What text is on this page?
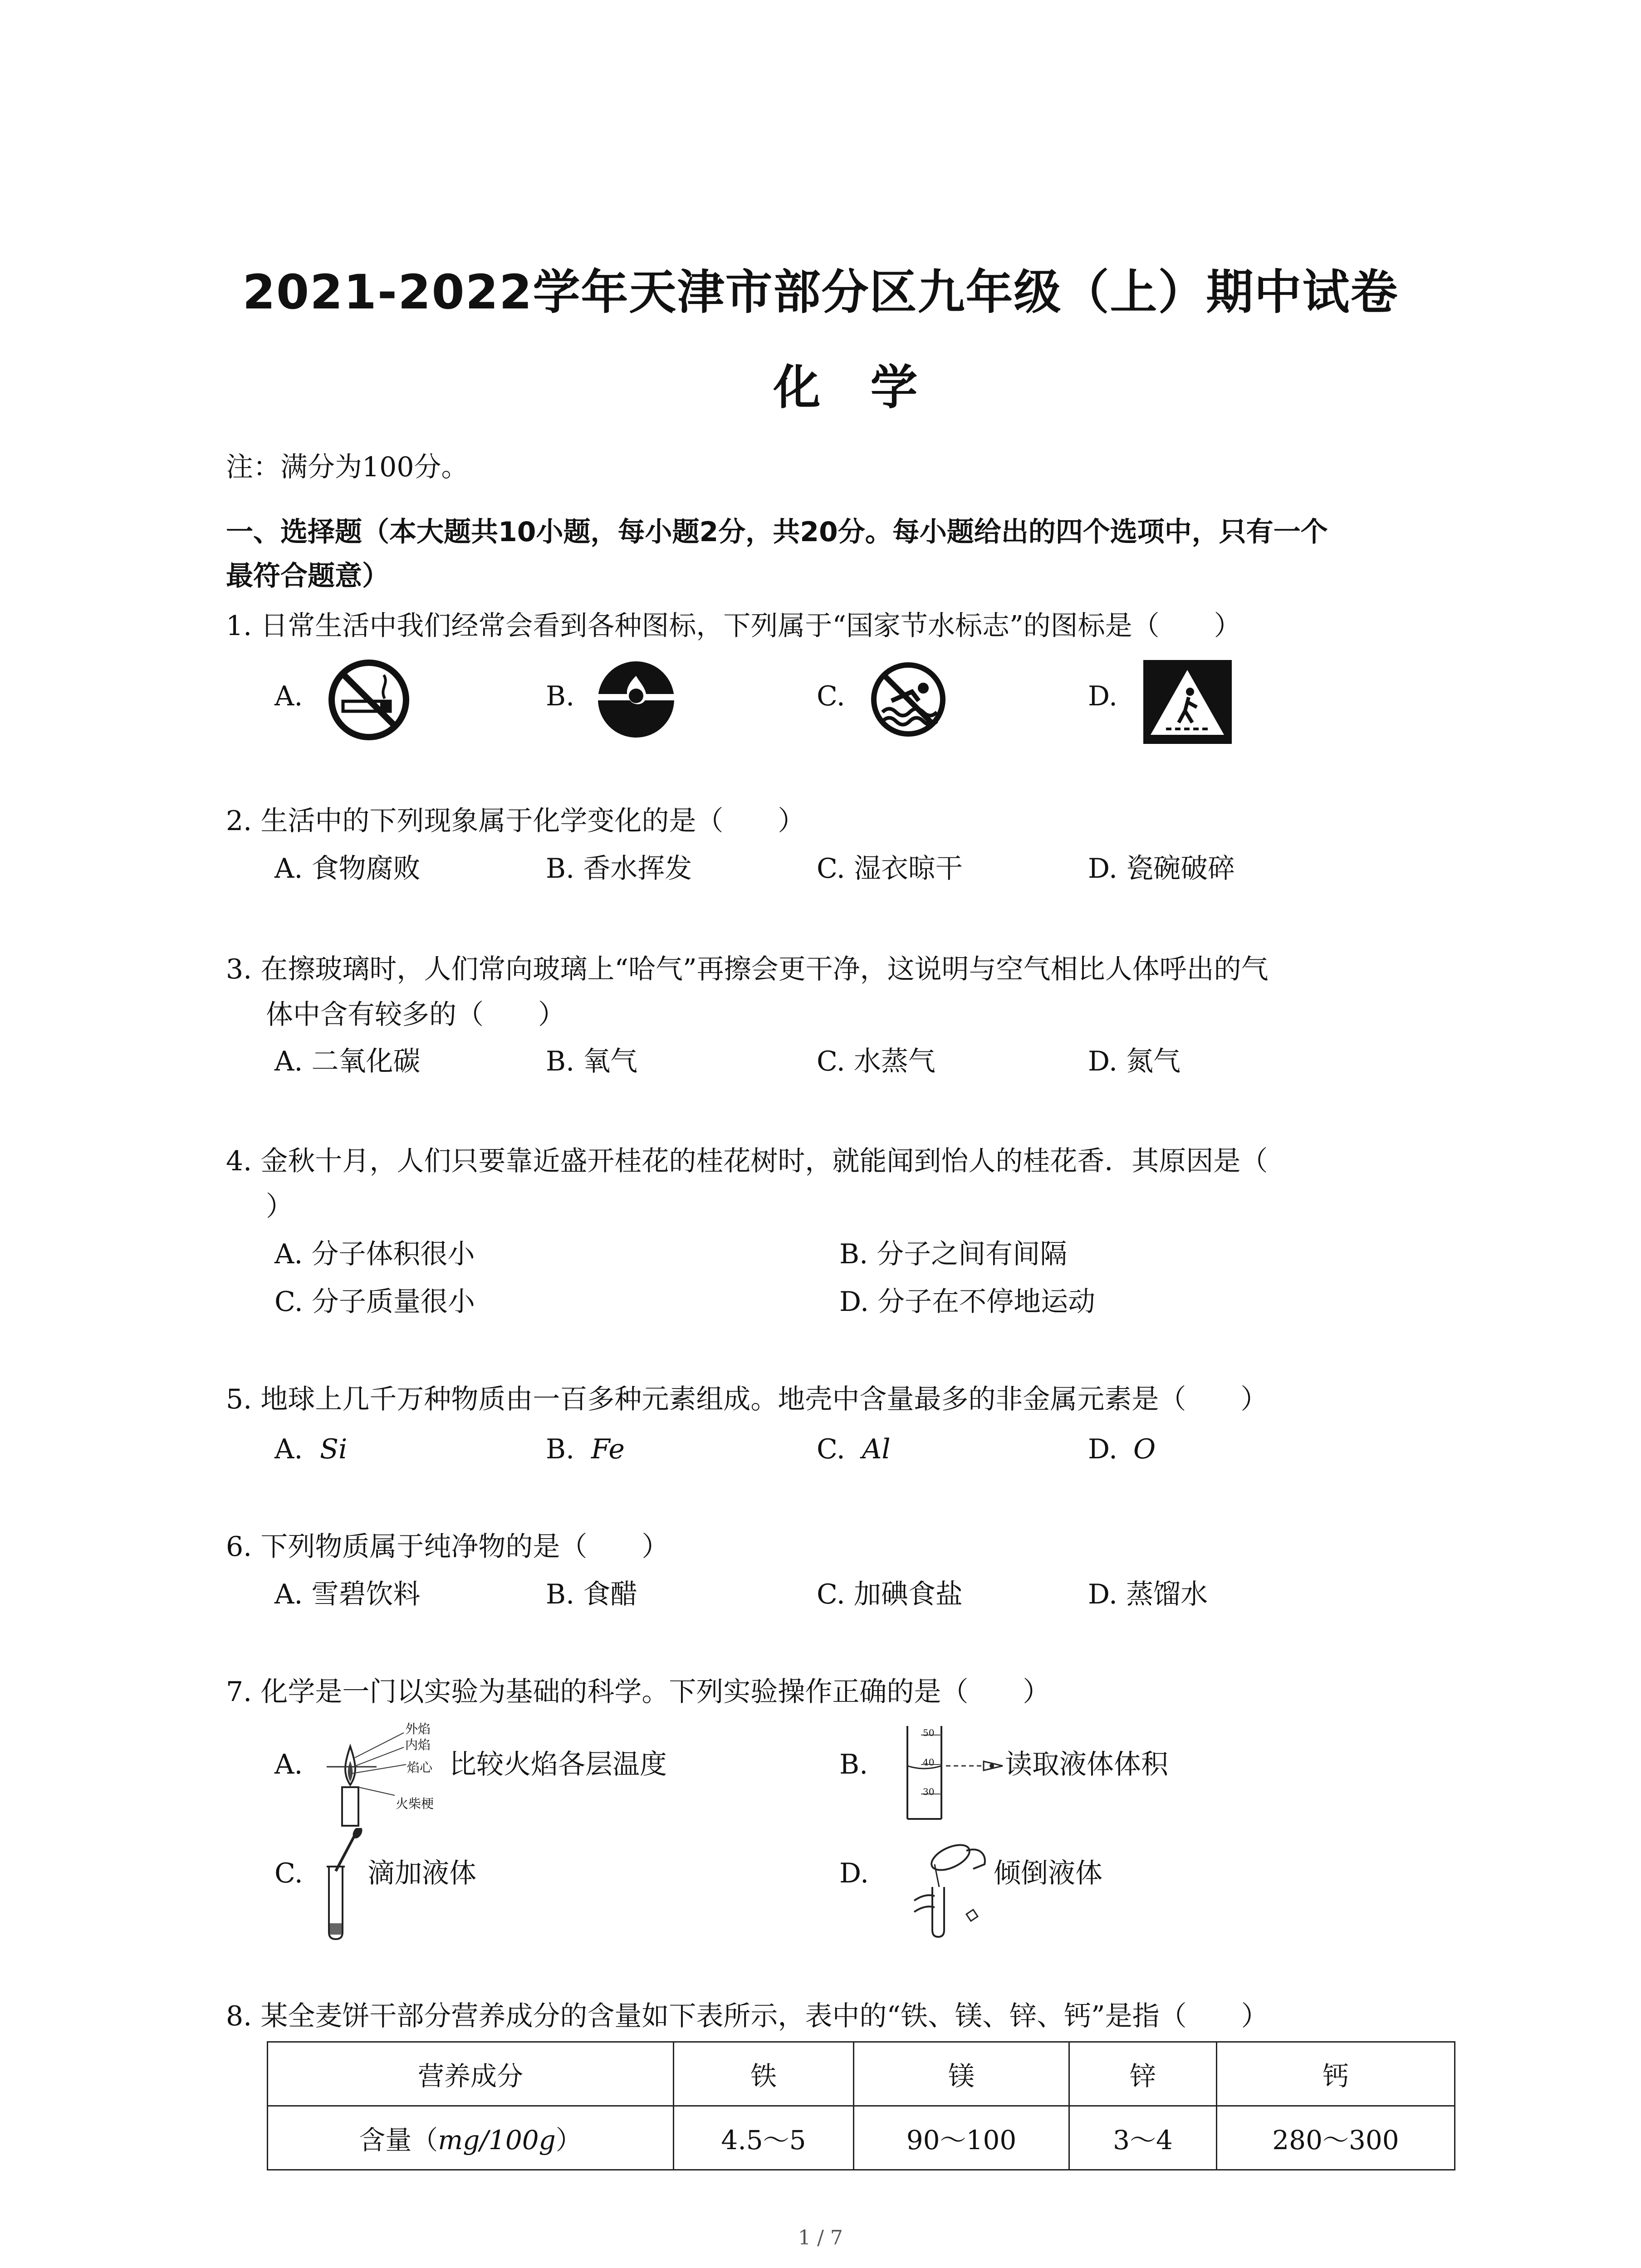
2021-2022学年天津市部分区九年级（上）期中试卷
化学
注：满分为100分。
一、选择题（本大题共10小题，每小题2分，共20分。每小题给出的四个选项中，只有一个
最符合题意）
1. 日常生活中我们经常会看到各种图标，下列属于“国家节水标志”的图标是（　　）
A.	B.	C.	D.
2. 生活中的下列现象属于化学变化的是（　　）
A. 食物腐败	B. 香水挥发	C. 湿衣晾干	D. 瓷碗破碎
3. 在擦玻璃时，人们常向玻璃上“哈气”再擦会更干净，这说明与空气相比人体呼出的气
体中含有较多的（　　）
A. 二氧化碳	B. 氧气	C. 水蒸气	D. 氮气
4. 金秋十月，人们只要靠近盛开桂花的桂花树时，就能闻到怡人的桂花香．其原因是（
）
A. 分子体积很小	B. 分子之间有间隔
C. 分子质量很小	D. 分子在不停地运动
5. 地球上几千万种物质由一百多种元素组成。地壳中含量最多的非金属元素是（　　）
A. Si	B. Fe	C. Al	D. O
6. 下列物质属于纯净物的是（　　）
A. 雪碧饮料	B. 食醋	C. 加碘食盐	D. 蒸馏水
7. 化学是一门以实验为基础的科学。下列实验操作正确的是（　　）
A.
外焰
内焰
焰心
火柴梗
比较火焰各层温度	B.
50
40
30
读取液体体积
C. 滴加液体	D.	倾倒液体
8. 某全麦饼干部分营养成分的含量如下表所示，表中的“铁、镁、锌、钙”是指（　　）
营养成分	铁	镁	锌	钙
含量（mg/100g）	4.5～5	90～100	3～4	280～300
1 / 7
